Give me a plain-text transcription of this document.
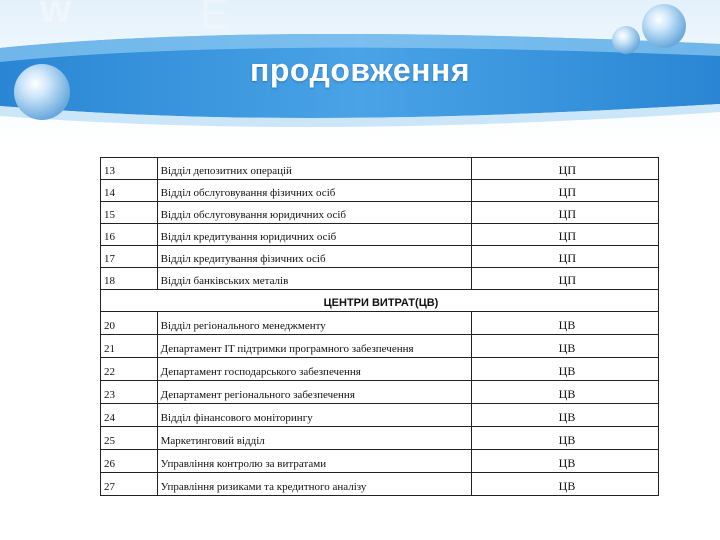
w	E
продовження
13	Відділ депозитних операцій	ЦП
14	Відділ обслуговування фізичних осіб	ЦП
15	Відділ обслуговування юридичних осіб	ЦП
16	Відділ кредитування юридичних осіб	ЦП
17	Відділ кредитування фізичних осіб	ЦП
18	Відділ банківських металів	ЦП
ЦЕНТРИ ВИТРАТ(ЦВ)		
20	Відділ регіонального менеджменту	ЦВ
21	Департамент IT підтримки програмного забезпечення	ЦВ
22	Департамент господарського забезпечення	ЦВ
23	Департамент регіонального забезпечення	ЦВ
24	Відділ фінансового моніторингу	ЦВ
25	Маркетинговий відділ	ЦВ
26	Управління контролю за витратами	ЦВ
27	Управління ризиками та кредитного аналізу	ЦВ
